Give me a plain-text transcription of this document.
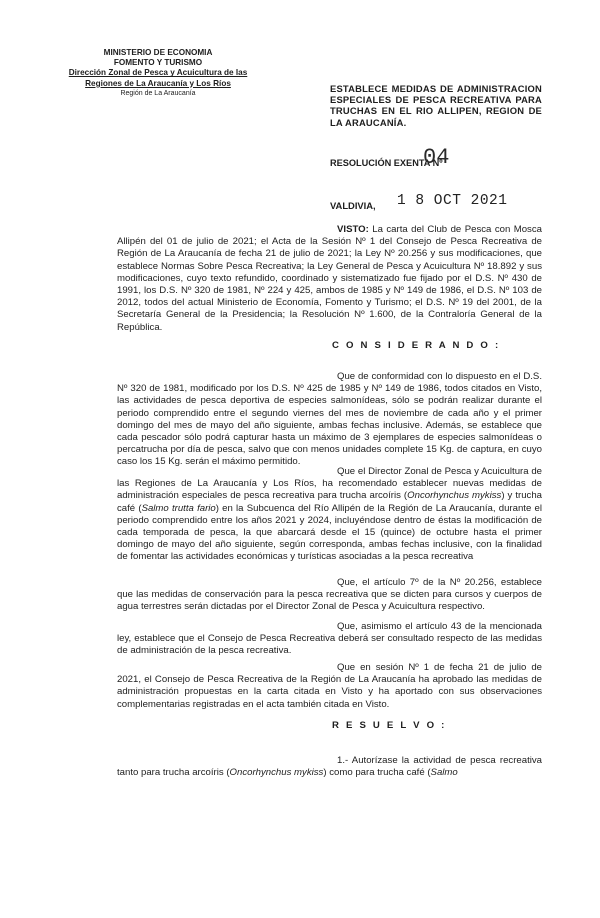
MINISTERIO DE ECONOMIA
FOMENTO Y TURISMO
Dirección Zonal de Pesca y Acuicultura de las
Regiones de La Araucanía y Los Ríos
Región de La Araucanía	ESTABLECE MEDIDAS DE ADMINISTRACION ESPECIALES DE PESCA RECREATIVA PARA TRUCHAS EN EL RIO ALLIPEN, REGION DE LA ARAUCANÍA.
RESOLUCIÓN EXENTA Nº
04
VALDIVIA, 1 8 OCT 2021
VISTO: La carta del Club de Pesca con Mosca Allipén del 01 de julio de 2021; el Acta de la Sesión Nº 1 del Consejo de Pesca Recreativa de Región de La Araucanía de fecha 21 de julio de 2021; la Ley Nº 20.256 y sus modificaciones, que establece Normas Sobre Pesca Recreativa; la Ley General de Pesca y Acuicultura Nº 18.892 y sus modificaciones, cuyo texto refundido, coordinado y sistematizado fue fijado por el D.S. Nº 430 de 1991, los D.S. Nº 320 de 1981, Nº 224 y 425, ambos de 1985 y Nº 149 de 1986, el D.S. Nº 103 de 2012, todos del actual Ministerio de Economía, Fomento y Turismo; el D.S. Nº 19 del 2001, de la Secretaría General de la Presidencia; la Resolución Nº 1.600, de la Contraloría General de la República.
C O N S I D E R A N D O :
Que de conformidad con lo dispuesto en el D.S. Nº 320 de 1981, modificado por los D.S. Nº 425 de 1985 y Nº 149 de 1986, todos citados en Visto, las actividades de pesca deportiva de especies salmonídeas, sólo se podrán realizar durante el periodo comprendido entre el segundo viernes del mes de noviembre de cada año y el primer domingo del mes de mayo del año siguiente, ambas fechas inclusive. Además, se establece que cada pescador sólo podrá capturar hasta un máximo de 3 ejemplares de especies salmonídeas o percatrucha por día de pesca, salvo que con menos unidades complete 15 Kg. de captura, en cuyo caso los 15 Kg. serán el máximo permitido.
Que el Director Zonal de Pesca y Acuicultura de las Regiones de La Araucanía y Los Ríos, ha recomendado establecer nuevas medidas de administración especiales de pesca recreativa para trucha arcoíris (Oncorhynchus mykiss) y trucha café (Salmo trutta fario) en la Subcuenca del Río Allipén de la Región de La Araucanía, durante el periodo comprendido entre los años 2021 y 2024, incluyéndose dentro de éstas la modificación de cada temporada de pesca, la que abarcará desde el 15 (quince) de octubre hasta el primer domingo de mayo del año siguiente, según corresponda, ambas fechas inclusive, con la finalidad de fomentar las actividades económicas y turísticas asociadas a la pesca recreativa
Que, el artículo 7º de la Nº 20.256, establece que las medidas de conservación para la pesca recreativa que se dicten para cursos y cuerpos de agua terrestres serán dictadas por el Director Zonal de Pesca y Acuicultura respectivo.
Que, asimismo el artículo 43 de la mencionada ley, establece que el Consejo de Pesca Recreativa deberá ser consultado respecto de las medidas de administración de la pesca recreativa.
Que en sesión Nº 1 de fecha 21 de julio de 2021, el Consejo de Pesca Recreativa de la Región de La Araucanía ha aprobado las medidas de administración propuestas en la carta citada en Visto y ha aportado con sus observaciones complementarias registradas en el acta también citada en Visto.
R E S U E L V O :
1.- Autorízase la actividad de pesca recreativa tanto para trucha arcoíris (Oncorhynchus mykiss) como para trucha café (Salmo
